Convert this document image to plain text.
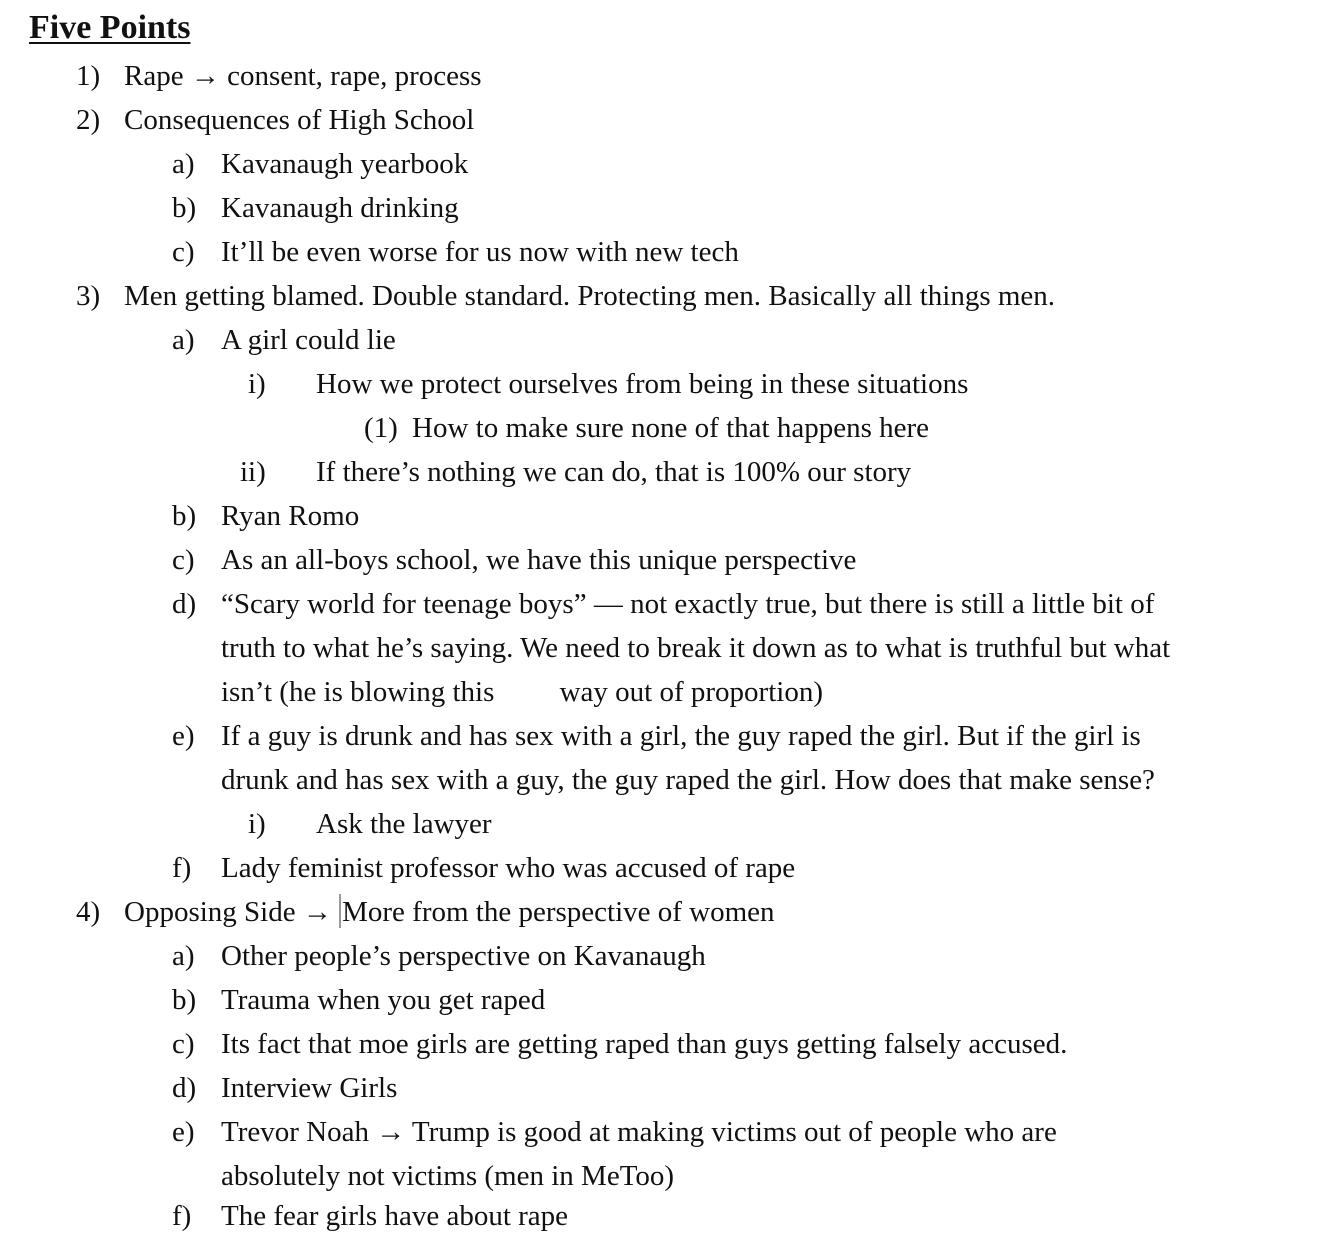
Five Points
1) Rape → consent, rape, process
2) Consequences of High School
a) Kavanaugh yearbook
b) Kavanaugh drinking
c) It’ll be even worse for us now with new tech
3) Men getting blamed. Double standard. Protecting men. Basically all things men.
a) A girl could lie
i) How we protect ourselves from being in these situations
(1) How to make sure none of that happens here
ii) If there’s nothing we can do, that is 100% our story
b) Ryan Romo
c) As an all-boys school, we have this unique perspective
d) “Scary world for teenage boys” — not exactly true, but there is still a little bit of
truth to what he’s saying. We need to break it down as to what is truthful but what
isn’t (he is blowing this   way out of proportion)
e) If a guy is drunk and has sex with a girl, the guy raped the girl. But if the girl is
drunk and has sex with a guy, the guy raped the girl. How does that make sense?
i) Ask the lawyer
f) Lady feminist professor who was accused of rape
4) Opposing Side → More from the perspective of women
a) Other people’s perspective on Kavanaugh
b) Trauma when you get raped
c) Its fact that moe girls are getting raped than guys getting falsely accused.
d) Interview Girls
e) Trevor Noah → Trump is good at making victims out of people who are
absolutely not victims (men in MeToo)
f) The fear girls have about rape
